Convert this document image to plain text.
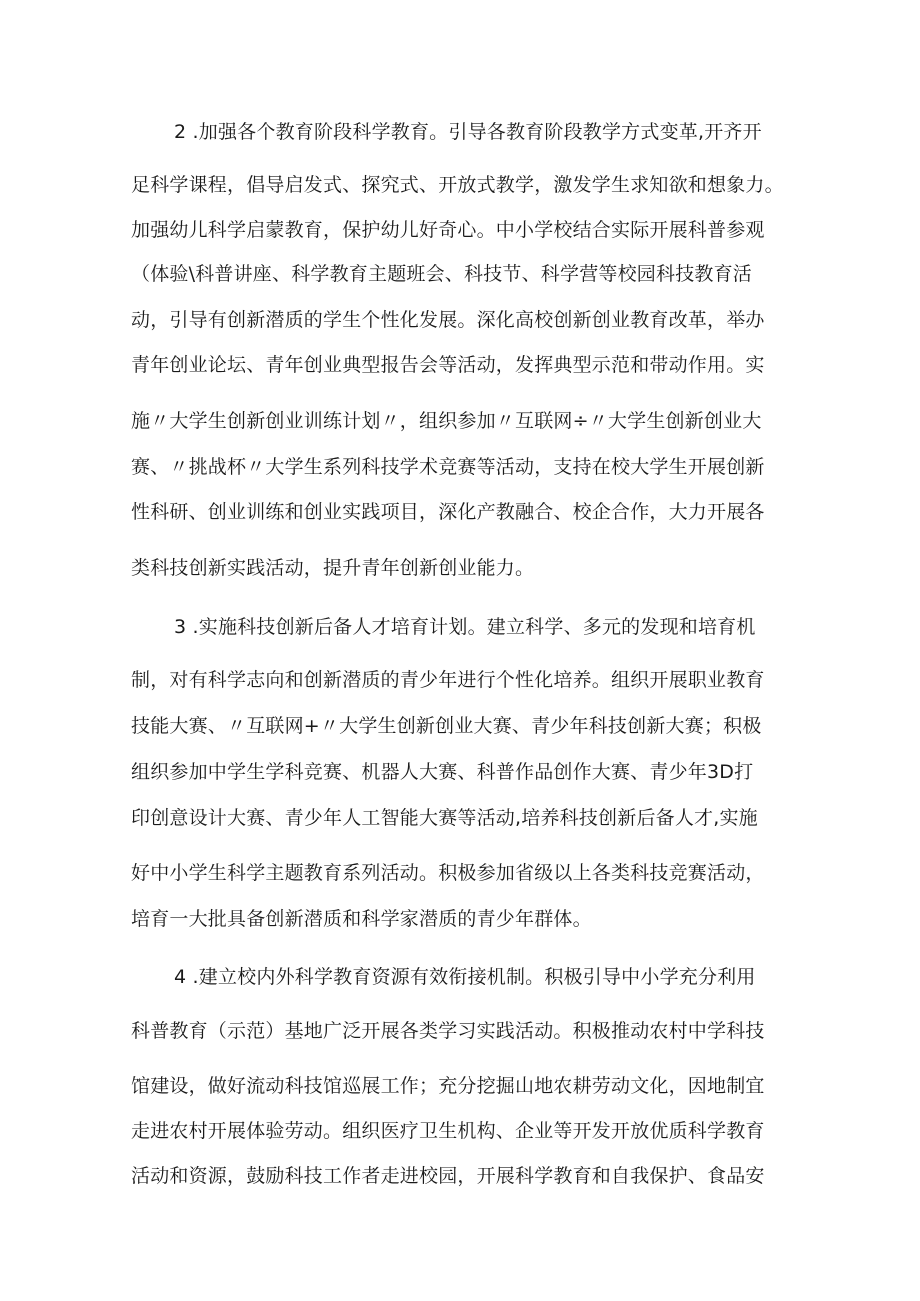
2 .加强各个教育阶段科学教育。引导各教育阶段教学方式变革,开齐开
足科学课程，倡导启发式、探究式、开放式教学，激发学生求知欲和想象力。
加强幼儿科学启蒙教育，保护幼儿好奇心。中小学校结合实际开展科普参观
（体验\科普讲座、科学教育主题班会、科技节、科学营等校园科技教育活
动，引导有创新潜质的学生个性化发展。深化高校创新创业教育改革，举办
青年创业论坛、青年创业典型报告会等活动，发挥典型示范和带动作用。实
施〃大学生创新创业训练计划〃，组织参加〃互联网÷〃大学生创新创业大
赛、〃挑战杯〃大学生系列科技学术竞赛等活动，支持在校大学生开展创新
性科研、创业训练和创业实践项目，深化产教融合、校企合作，大力开展各
类科技创新实践活动，提升青年创新创业能力。
3 .实施科技创新后备人才培育计划。建立科学、多元的发现和培育机
制，对有科学志向和创新潜质的青少年进行个性化培养。组织开展职业教育
技能大赛、〃互联网+〃大学生创新创业大赛、青少年科技创新大赛；积极
组织参加中学生学科竞赛、机器人大赛、科普作品创作大赛、青少年3D打
印创意设计大赛、青少年人工智能大赛等活动,培养科技创新后备人才,实施
好中小学生科学主题教育系列活动。积极参加省级以上各类科技竞赛活动，
培育一大批具备创新潜质和科学家潜质的青少年群体。
4 .建立校内外科学教育资源有效衔接机制。积极引导中小学充分利用
科普教育（示范）基地广泛开展各类学习实践活动。积极推动农村中学科技
馆建设，做好流动科技馆巡展工作；充分挖掘山地农耕劳动文化，因地制宜
走进农村开展体验劳动。组织医疗卫生机构、企业等开发开放优质科学教育
活动和资源，鼓励科技工作者走进校园，开展科学教育和自我保护、食品安
